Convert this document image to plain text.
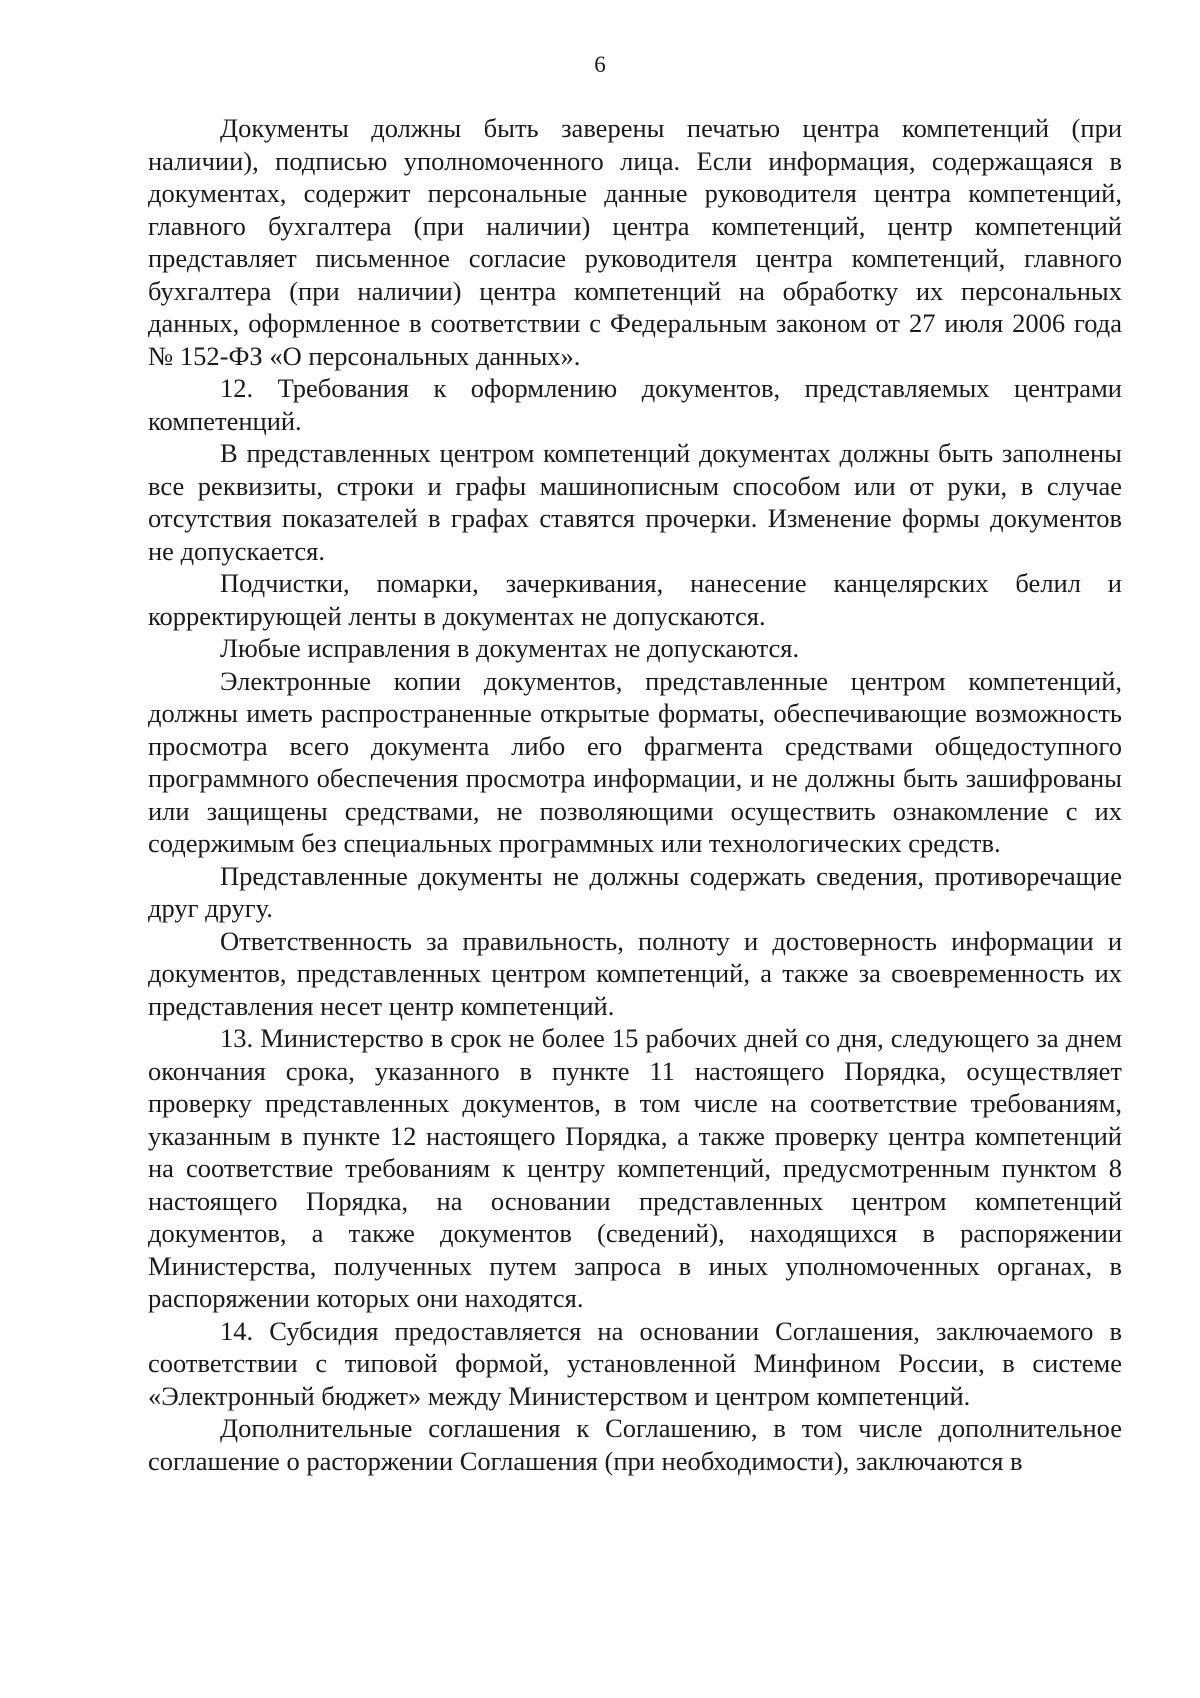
6

Документы должны быть заверены печатью центра компетенций (при наличии), подписью уполномоченного лица. Если информация, содержащаяся в документах, содержит персональные данные руководителя центра компетенций, главного бухгалтера (при наличии) центра компетенций, центр компетенций представляет письменное согласие руководителя центра компетенций, главного бухгалтера (при наличии) центра компетенций на обработку их персональных данных, оформленное в соответствии с Федеральным законом от 27 июля 2006 года № 152-ФЗ «О персональных данных».

12. Требования к оформлению документов, представляемых центрами компетенций.

В представленных центром компетенций документах должны быть заполнены все реквизиты, строки и графы машинописным способом или от руки, в случае отсутствия показателей в графах ставятся прочерки. Изменение формы документов не допускается.

Подчистки, помарки, зачеркивания, нанесение канцелярских белил и корректирующей ленты в документах не допускаются.

Любые исправления в документах не допускаются.

Электронные копии документов, представленные центром компетенций, должны иметь распространенные открытые форматы, обеспечивающие возможность просмотра всего документа либо его фрагмента средствами общедоступного программного обеспечения просмотра информации, и не должны быть зашифрованы или защищены средствами, не позволяющими осуществить ознакомление с их содержимым без специальных программных или технологических средств.

Представленные документы не должны содержать сведения, противоречащие друг другу.

Ответственность за правильность, полноту и достоверность информации и документов, представленных центром компетенций, а также за своевременность их представления несет центр компетенций.

13. Министерство в срок не более 15 рабочих дней со дня, следующего за днем окончания срока, указанного в пункте 11 настоящего Порядка, осуществляет проверку представленных документов, в том числе на соответствие требованиям, указанным в пункте 12 настоящего Порядка, а также проверку центра компетенций на соответствие требованиям к центру компетенций, предусмотренным пунктом 8 настоящего Порядка, на основании представленных центром компетенций документов, а также документов (сведений), находящихся в распоряжении Министерства, полученных путем запроса в иных уполномоченных органах, в распоряжении которых они находятся.

14. Субсидия предоставляется на основании Соглашения, заключаемого в соответствии с типовой формой, установленной Минфином России, в системе «Электронный бюджет» между Министерством и центром компетенций.

Дополнительные соглашения к Соглашению, в том числе дополнительное соглашение о расторжении Соглашения (при необходимости), заключаются в
